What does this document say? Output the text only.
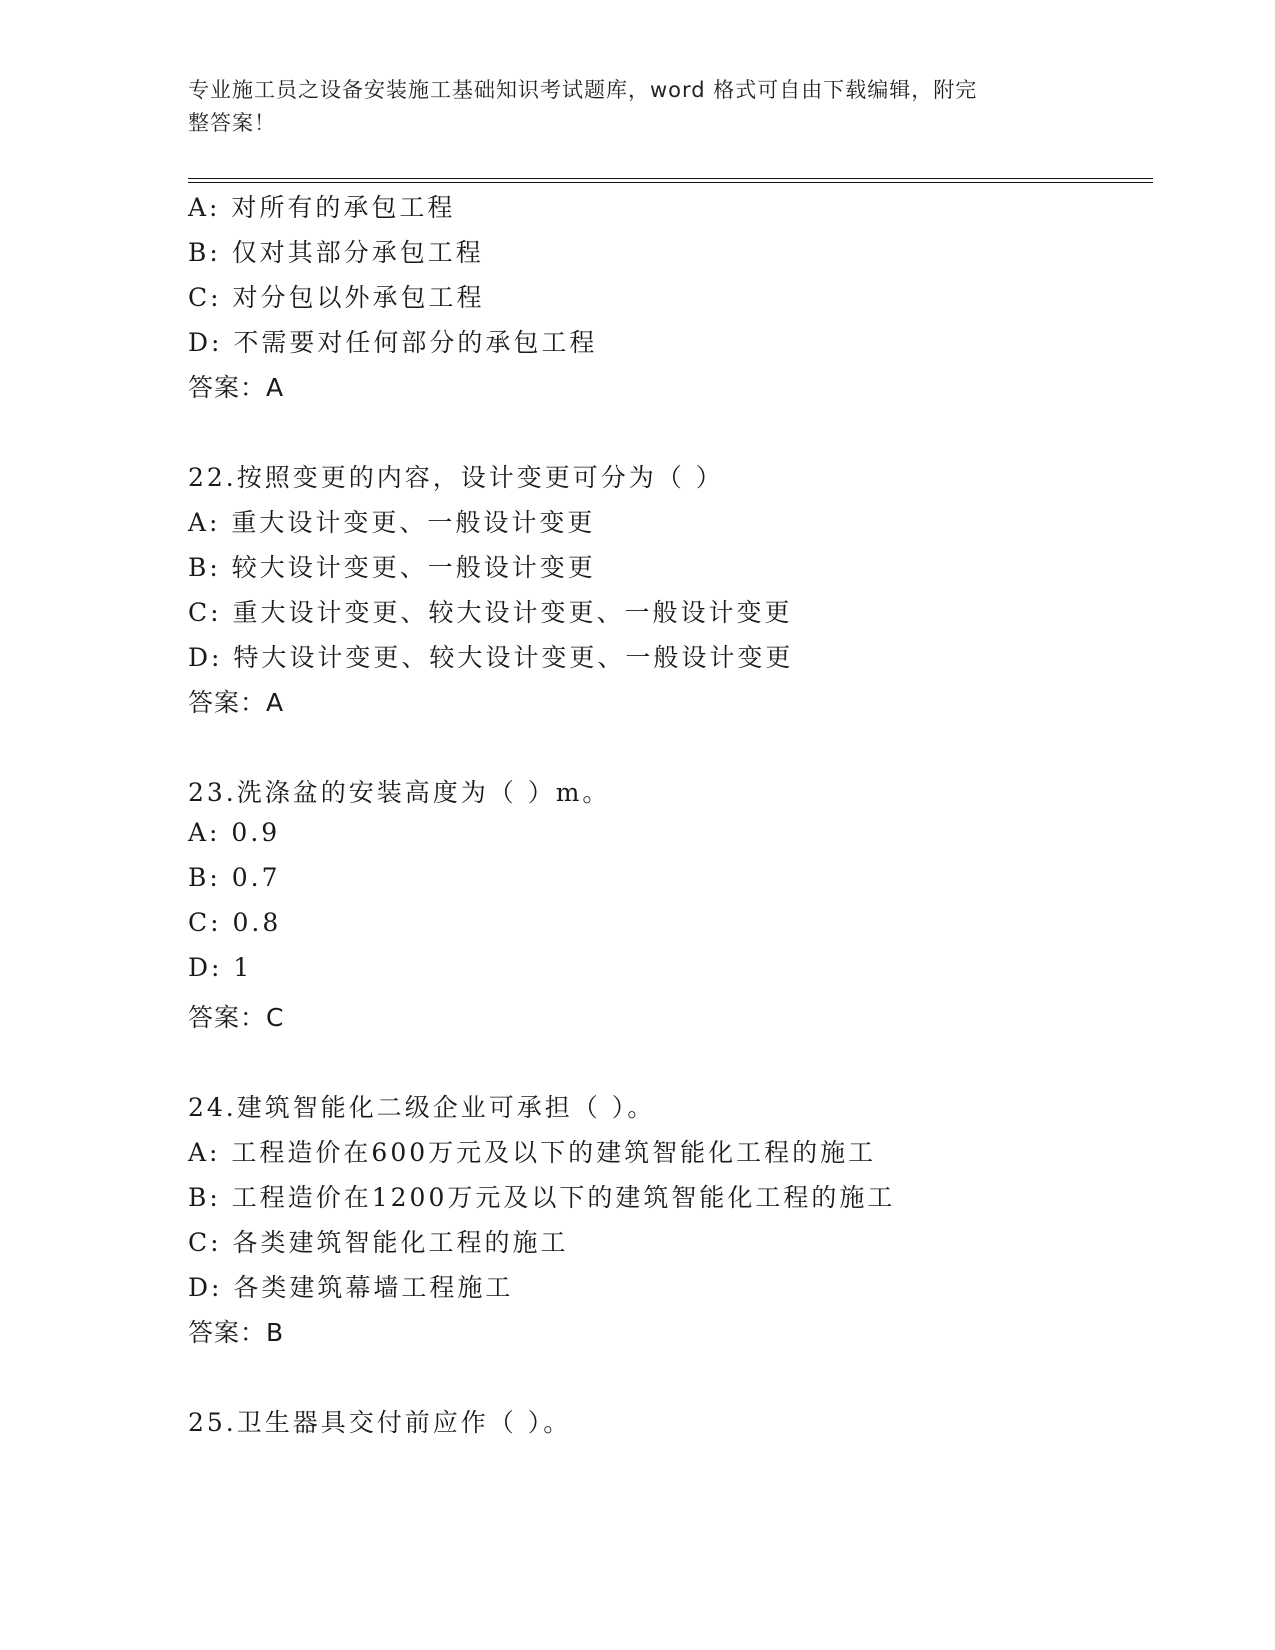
专业施工员之设备安装施工基础知识考试题库，word 格式可自由下载编辑，附完
整答案！
A: 对所有的承包工程
B: 仅对其部分承包工程
C: 对分包以外承包工程
D: 不需要对任何部分的承包工程
答案：A
22.按照变更的内容，设计变更可分为（ ）
A: 重大设计变更、一般设计变更
B: 较大设计变更、一般设计变更
C: 重大设计变更、较大设计变更、一般设计变更
D: 特大设计变更、较大设计变更、一般设计变更
答案：A
23.洗涤盆的安装高度为（ ）m。
A: 0.9
B: 0.7
C: 0.8
D: 1
答案：C
24.建筑智能化二级企业可承担（ ）。
A: 工程造价在600万元及以下的建筑智能化工程的施工
B: 工程造价在1200万元及以下的建筑智能化工程的施工
C: 各类建筑智能化工程的施工
D: 各类建筑幕墙工程施工
答案：B
25.卫生器具交付前应作（ ）。
